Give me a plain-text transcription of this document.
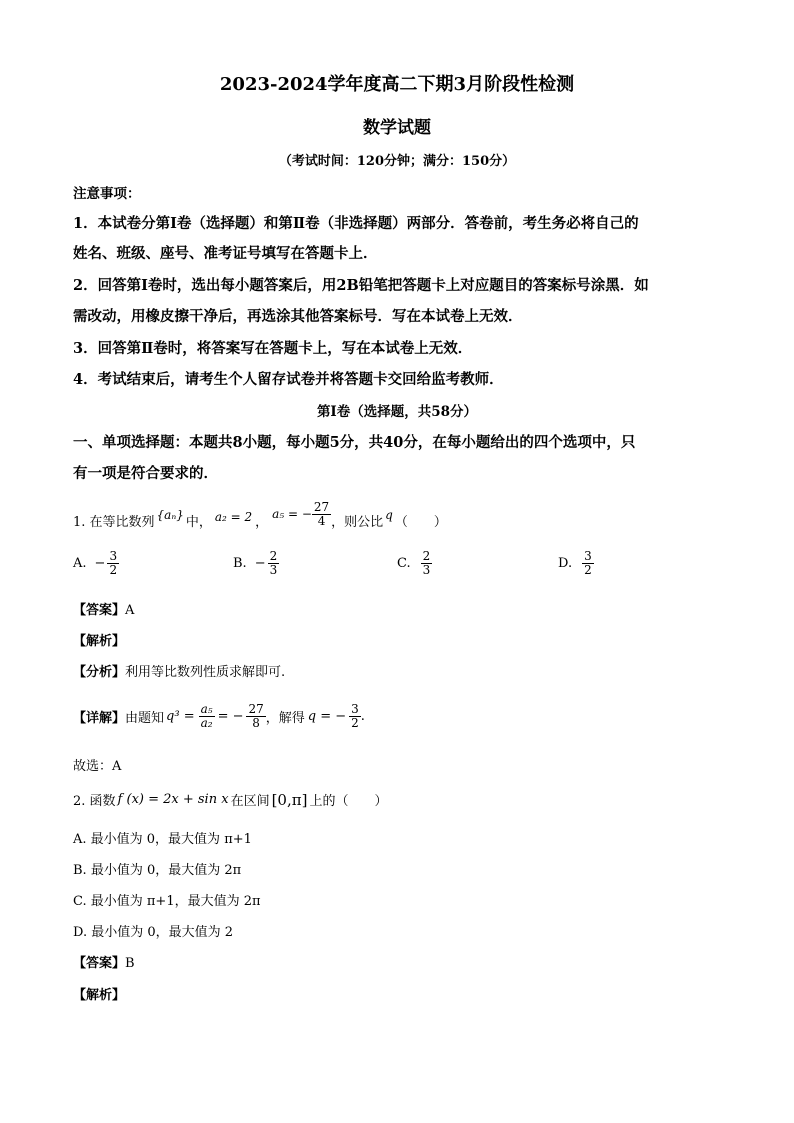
2023-2024学年度高二下期3月阶段性检测
数学试题
（考试时间：120分钟；满分：150分）
注意事项：
1．本试卷分第Ⅰ卷（选择题）和第Ⅱ卷（非选择题）两部分．答卷前，考生务必将自己的
姓名、班级、座号、准考证号填写在答题卡上．
2．回答第Ⅰ卷时，选出每小题答案后，用2B铅笔把答题卡上对应题目的答案标号涂黑．如
需改动，用橡皮擦干净后，再选涂其他答案标号．写在本试卷上无效．
3．回答第Ⅱ卷时，将答案写在答题卡上，写在本试卷上无效．
4．考试结束后，请考生个人留存试卷并将答题卡交回给监考教师．
第Ⅰ卷（选择题，共58分）
一、单项选择题：本题共8小题，每小题5分，共40分，在每小题给出的四个选项中，只
有一项是符合要求的．
1. 在等比数列 {aₙ} 中， a₂ = 2 ，
a₅ = − $\frac{27}{4}$ ，则公比 q （　　）
A. − $\frac{3}{2}$	B. − $\frac{2}{3}$	C. $\frac{2}{3}$	D. $\frac{3}{2}$
【答案】A
【解析】
【分析】利用等比数列性质求解即可.
【详解】 由题知 $q^3 = \frac{\text{a₅}}{\text{a₂}}$ = − $\frac{27}{8}$ ，解得 q = − $\frac{3}{2}$ .
故选：A
2. 函数 f (x) = 2x + sin x 在区间 [0,π] 上的（　　）
A. 最小值为 0，最大值为 π+1
B. 最小值为 0，最大值为 2π
C. 最小值为 π+1，最大值为 2π
D. 最小值为 0，最大值为 2
【答案】B
【解析】
